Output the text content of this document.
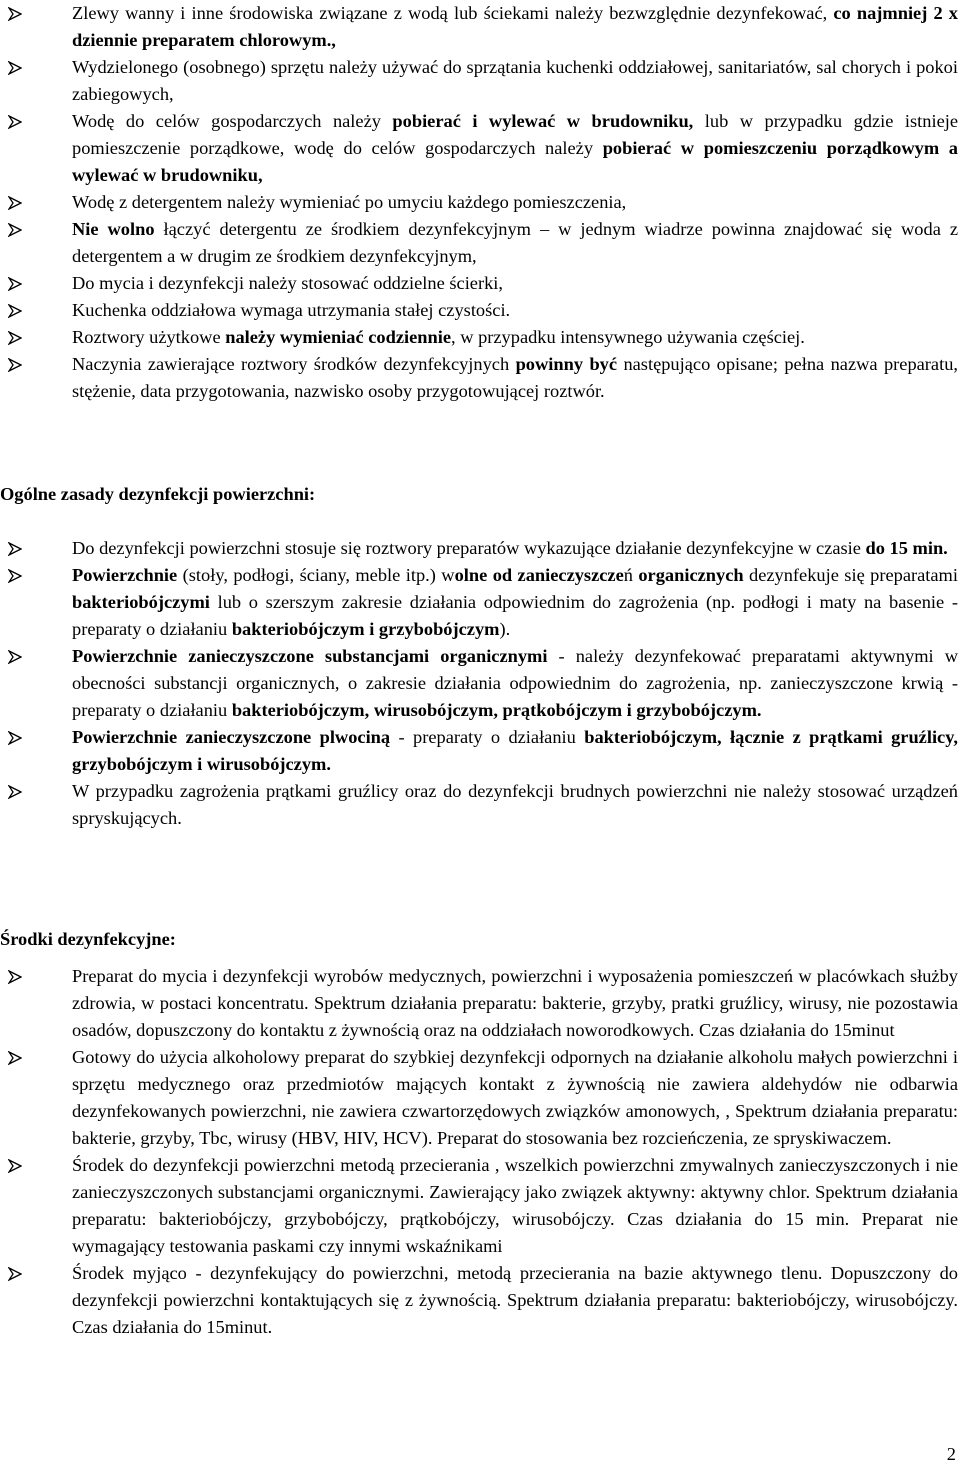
Zlewy wanny i inne środowiska związane z wodą lub ściekami należy bezwzględnie dezynfekować, co najmniej 2 x dziennie preparatem chlorowym.,
Wydzielonego (osobnego) sprzętu należy używać do sprzątania kuchenki oddziałowej, sanitariatów, sal chorych i pokoi zabiegowych,
Wodę do celów gospodarczych należy pobierać i wylewać w brudowniku, lub w przypadku gdzie istnieje pomieszczenie porządkowe, wodę do celów gospodarczych należy pobierać w pomieszczeniu porządkowym a wylewać w brudowniku,
Wodę z detergentem należy wymieniać po umyciu każdego pomieszczenia,
Nie wolno łączyć detergentu ze środkiem dezynfekcyjnym – w jednym wiadrze powinna znajdować się woda z detergentem a w drugim ze środkiem dezynfekcyjnym,
Do mycia i dezynfekcji należy stosować oddzielne ścierki,
Kuchenka oddziałowa wymaga utrzymania stałej czystości.
Roztwory użytkowe należy wymieniać codziennie, w przypadku intensywnego używania częściej.
Naczynia zawierające roztwory środków dezynfekcyjnych powinny być następująco opisane; pełna nazwa preparatu, stężenie, data przygotowania, nazwisko osoby przygotowującej roztwór.
Ogólne zasady dezynfekcji powierzchni:
Do dezynfekcji powierzchni stosuje się roztwory preparatów wykazujące działanie dezynfekcyjne w czasie do 15 min.
Powierzchnie (stoły, podłogi, ściany, meble itp.) wolne od zanieczyszczeń organicznych dezynfekuje się preparatami bakteriobójczymi lub o szerszym zakresie działania odpowiednim do zagrożenia (np. podłogi i maty na basenie - preparaty o działaniu bakteriobójczym i grzybobójczym).
Powierzchnie zanieczyszczone substancjami organicznymi - należy dezynfekować preparatami aktywnymi w obecności substancji organicznych, o zakresie działania odpowiednim do zagrożenia, np. zanieczyszczone krwią - preparaty o działaniu bakteriobójczym, wirusobójczym, prątkobójczym i grzybobójczym.
Powierzchnie zanieczyszczone plwociną - preparaty o działaniu bakteriobójczym, łącznie z prątkami gruźlicy, grzybobójczym i wirusobójczym.
W przypadku zagrożenia prątkami gruźlicy oraz do dezynfekcji brudnych powierzchni nie należy stosować urządzeń spryskujących.
Środki dezynfekcyjne:
Preparat do mycia i dezynfekcji wyrobów medycznych, powierzchni i wyposażenia pomieszczeń w placówkach służby zdrowia, w postaci koncentratu. Spektrum działania preparatu: bakterie, grzyby, pratki gruźlicy, wirusy, nie pozostawia osadów, dopuszczony do kontaktu z żywnością oraz na oddziałach noworodkowych. Czas działania do 15minut
Gotowy do użycia alkoholowy preparat do szybkiej dezynfekcji odpornych na działanie alkoholu małych powierzchni i sprzętu medycznego oraz przedmiotów mających kontakt z żywnością nie zawiera aldehydów nie odbarwia dezynfekowanych powierzchni, nie zawiera czwartorzędowych związków amonowych, , Spektrum działania preparatu: bakterie, grzyby, Tbc, wirusy (HBV, HIV, HCV). Preparat do stosowania bez rozcieńczenia, ze spryskiwaczem.
Środek do dezynfekcji powierzchni metodą przecierania , wszelkich powierzchni zmywalnych zanieczyszczonych i nie zanieczyszczonych substancjami organicznymi. Zawierający jako związek aktywny: aktywny chlor. Spektrum działania preparatu: bakteriobójczy, grzybobójczy, prątkobójczy, wirusobójczy. Czas działania do 15 min. Preparat nie wymagający testowania paskami czy innymi wskaźnikami
Środek myjąco - dezynfekujący do powierzchni, metodą przecierania na bazie aktywnego tlenu. Dopuszczony do dezynfekcji powierzchni kontaktujących się z żywnością. Spektrum działania preparatu: bakteriobójczy, wirusobójczy. Czas działania do 15minut.
2
